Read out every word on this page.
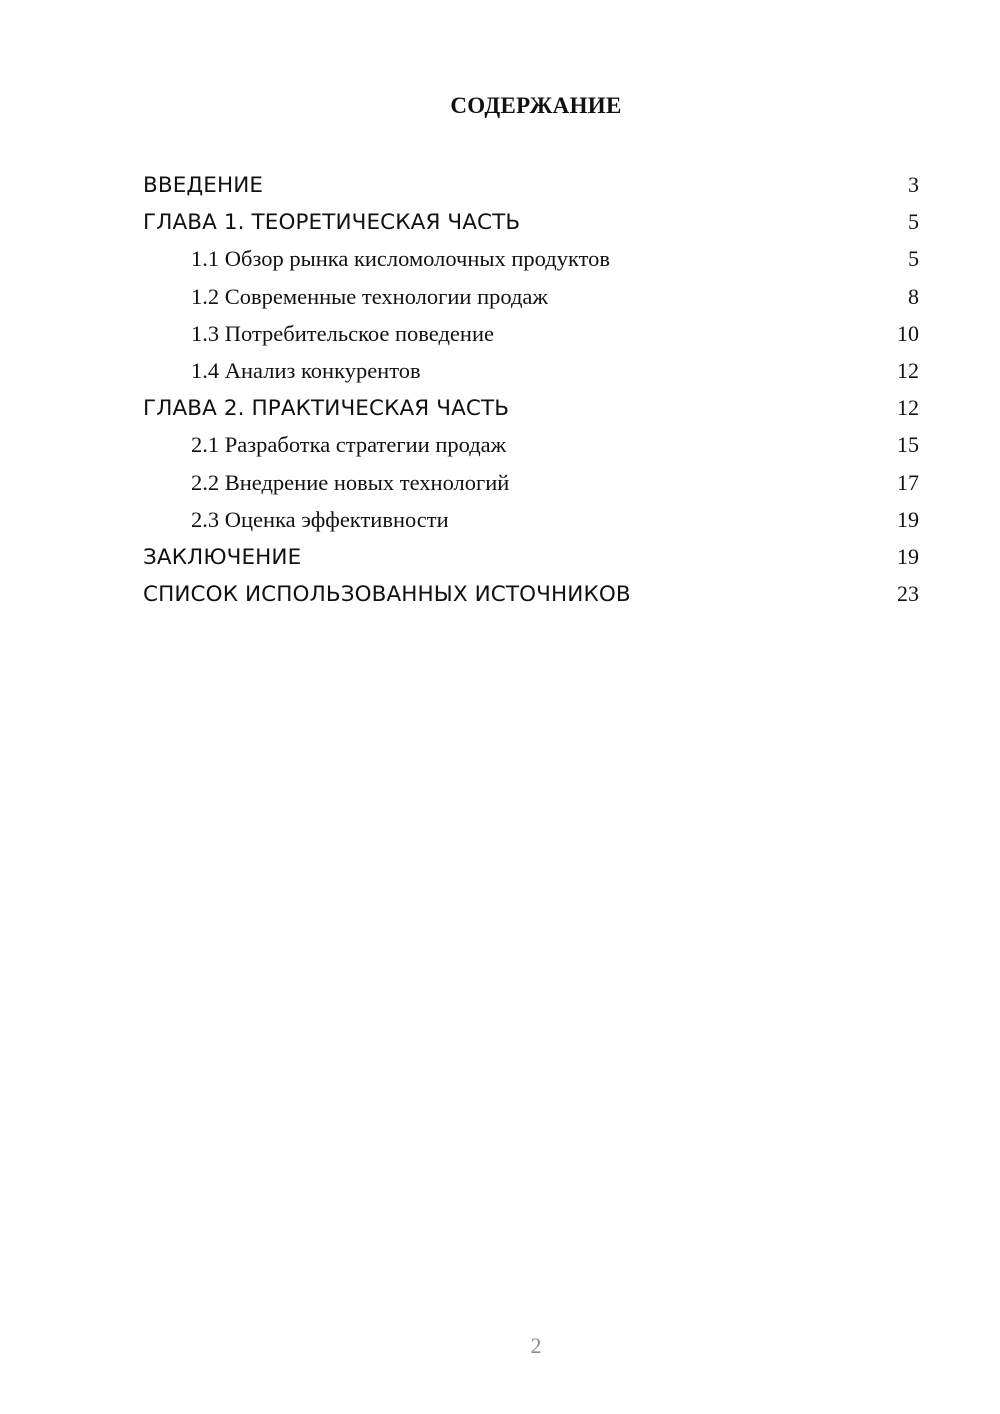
СОДЕРЖАНИЕ
ВВЕДЕНИЕ	3
ГЛАВА 1. ТЕОРЕТИЧЕСКАЯ ЧАСТЬ	5
1.1 Обзор рынка кисломолочных продуктов	5
1.2 Современные технологии продаж	8
1.3 Потребительское поведение	10
1.4 Анализ конкурентов	12
ГЛАВА 2. ПРАКТИЧЕСКАЯ ЧАСТЬ	12
2.1 Разработка стратегии продаж	15
2.2 Внедрение новых технологий	17
2.3 Оценка эффективности	19
ЗАКЛЮЧЕНИЕ	19
СПИСОК ИСПОЛЬЗОВАННЫХ ИСТОЧНИКОВ	23

2
